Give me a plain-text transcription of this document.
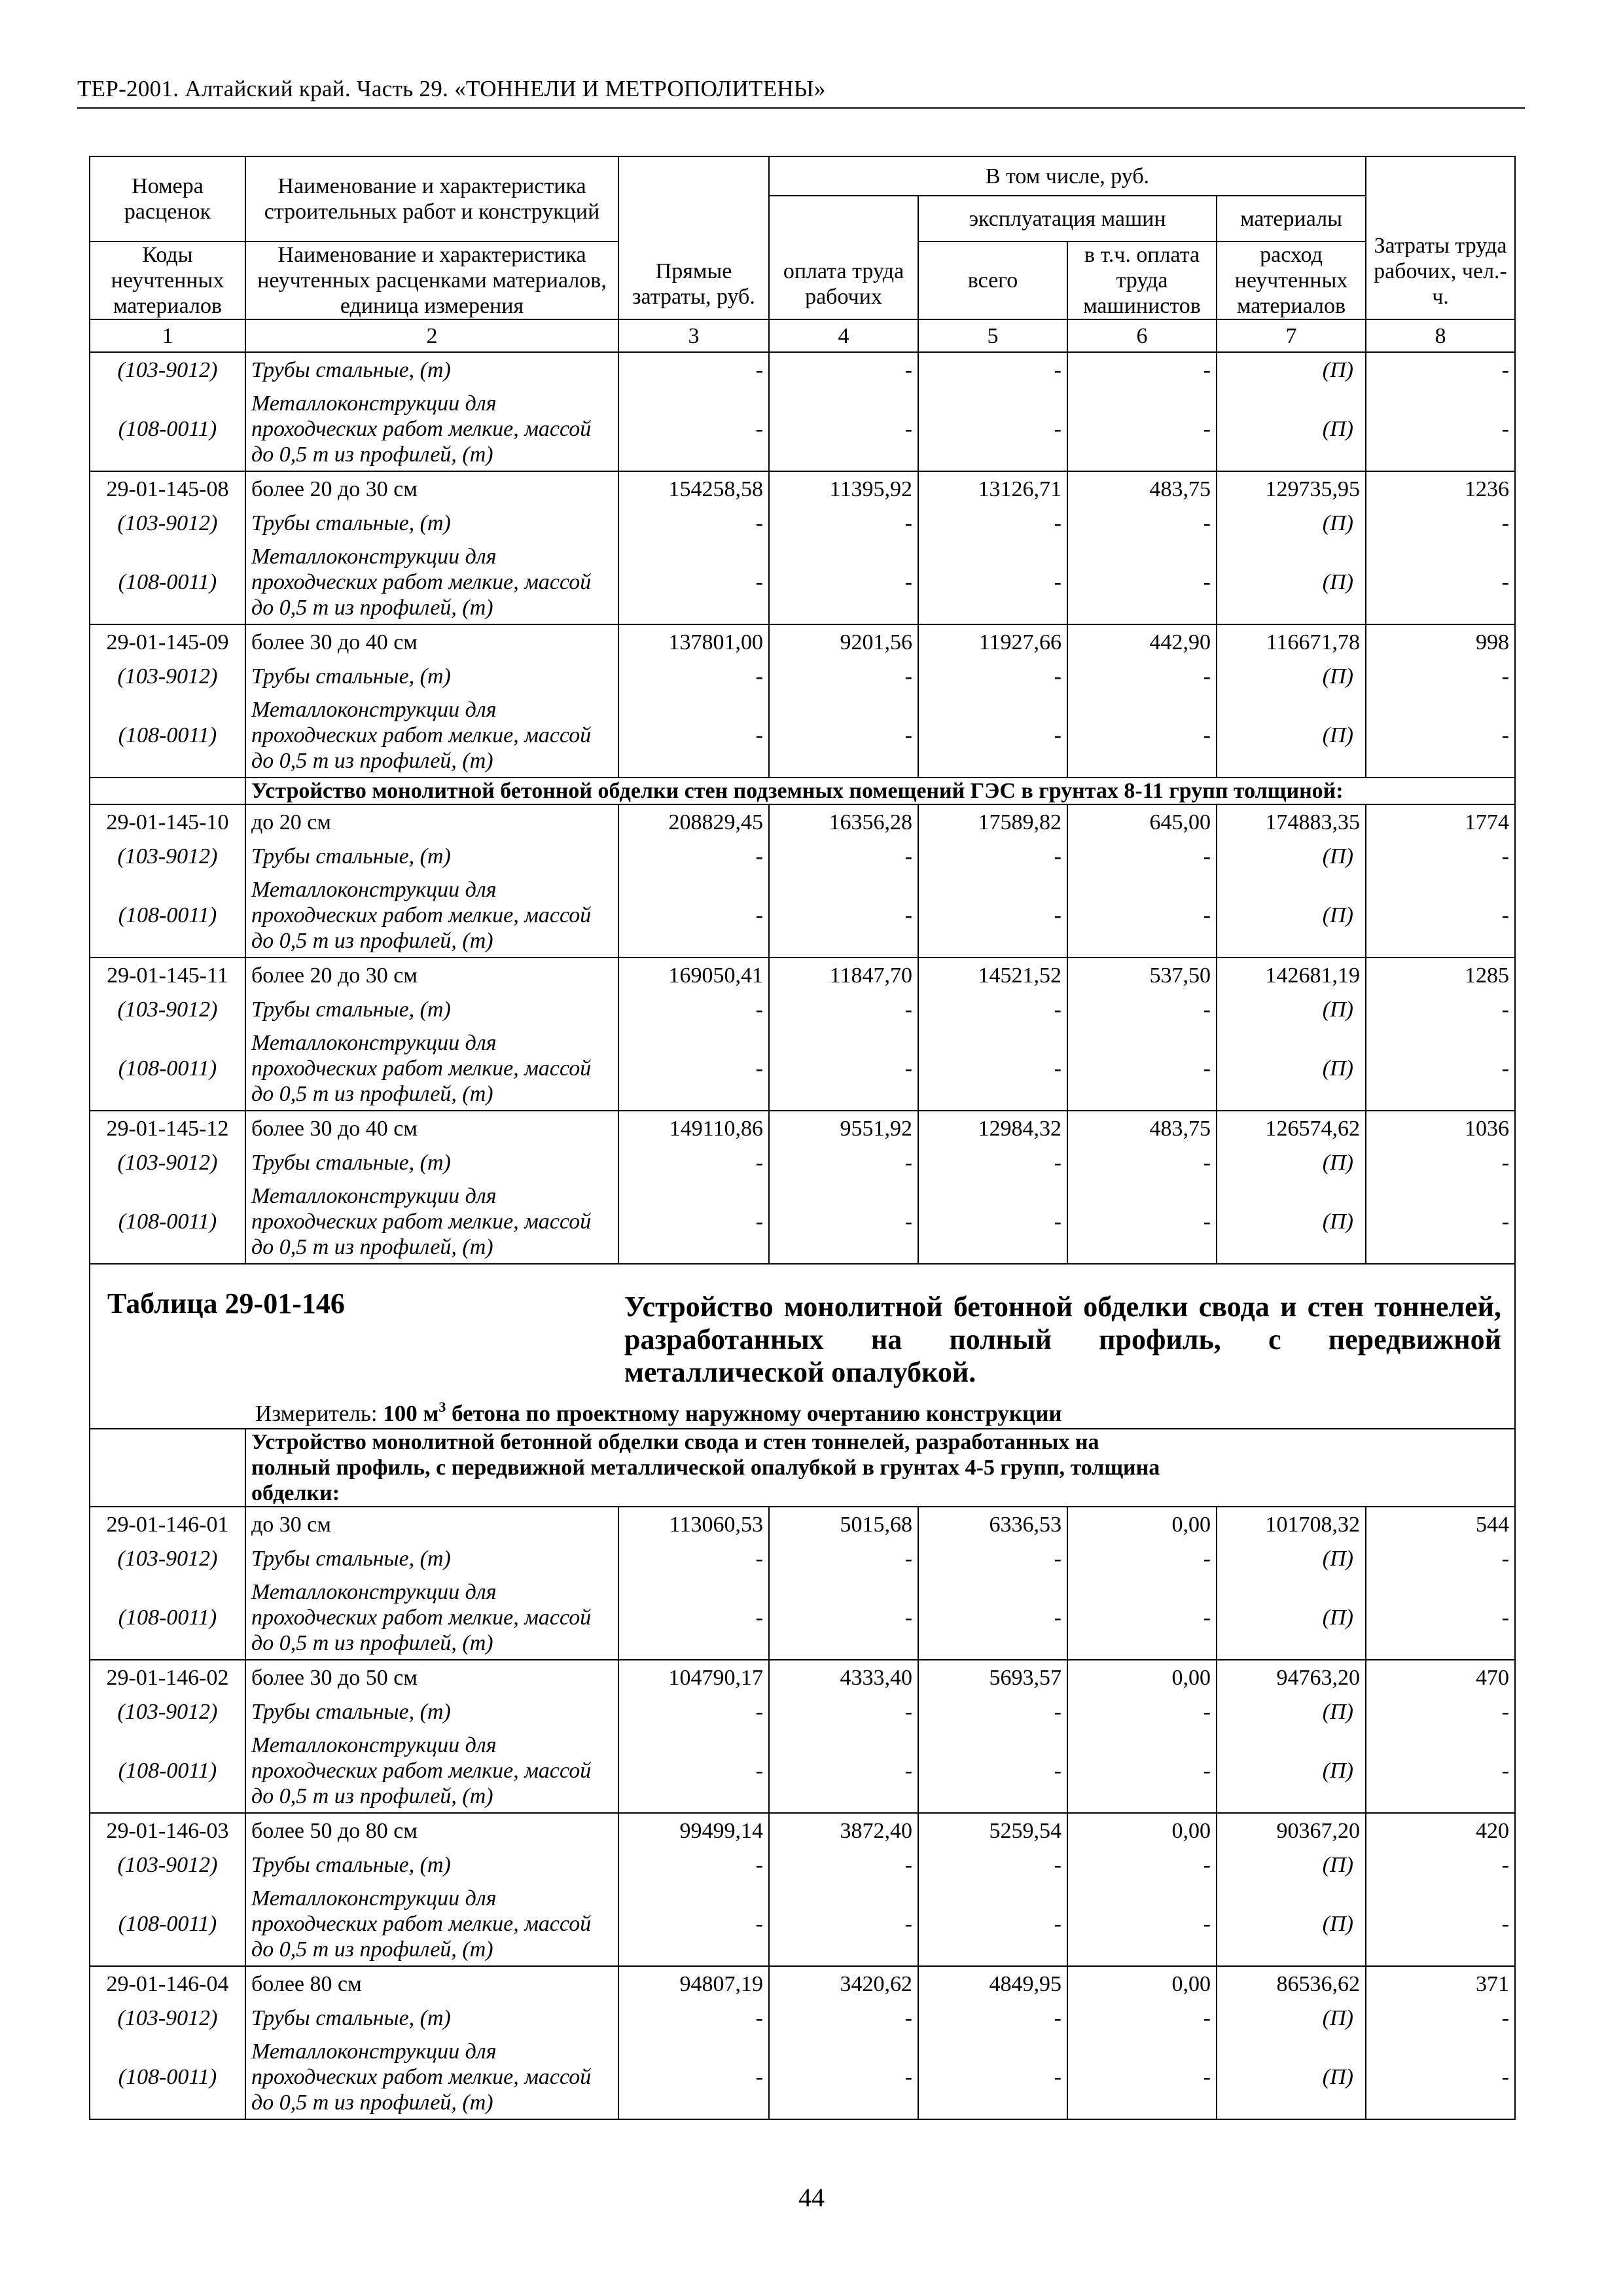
ТЕР-2001. Алтайский край. Часть 29. «ТОННЕЛИ И МЕТРОПОЛИТЕНЫ»
Номера расценок	Наименование и характеристика строительных работ и конструкций	Прямые затраты, руб.	В том числе, руб.				Затраты труда рабочих, чел.-ч.
			оплата труда рабочих	эксплуатация машин		материалы	
Коды неучтенных материалов	Наименование и характеристика неучтенных расценками материалов, единица измерения			всего	в т.ч. оплата труда машинистов	расход неучтенных материалов	
1	2	3	4	5	6	7	8
(103-9012)	Трубы стальные, (т)	-	-	-	-	(П)	-
(108-0011)	Металлоконструкции для проходческих работ мелкие, массой до 0,5 т из профилей, (т)	-	-	-	-	(П)	-
29-01-145-08	более 20 до 30 см	154258,58	11395,92	13126,71	483,75	129735,95	1236
(103-9012)	Трубы стальные, (т)	-	-	-	-	(П)	-
(108-0011)	Металлоконструкции для проходческих работ мелкие, массой до 0,5 т из профилей, (т)	-	-	-	-	(П)	-
29-01-145-09	более 30 до 40 см	137801,00	9201,56	11927,66	442,90	116671,78	998
(103-9012)	Трубы стальные, (т)	-	-	-	-	(П)	-
(108-0011)	Металлоконструкции для проходческих работ мелкие, массой до 0,5 т из профилей, (т)	-	-	-	-	(П)	-
	Устройство монолитной бетонной обделки стен подземных помещений ГЭС в грунтах 8-11 групп толщиной:						
29-01-145-10	до 20 см	208829,45	16356,28	17589,82	645,00	174883,35	1774
(103-9012)	Трубы стальные, (т)	-	-	-	-	(П)	-
(108-0011)	Металлоконструкции для проходческих работ мелкие, массой до 0,5 т из профилей, (т)	-	-	-	-	(П)	-
29-01-145-11	более 20 до 30 см	169050,41	11847,70	14521,52	537,50	142681,19	1285
(103-9012)	Трубы стальные, (т)	-	-	-	-	(П)	-
(108-0011)	Металлоконструкции для проходческих работ мелкие, массой до 0,5 т из профилей, (т)	-	-	-	-	(П)	-
29-01-145-12	более 30 до 40 см	149110,86	9551,92	12984,32	483,75	126574,62	1036
(103-9012)	Трубы стальные, (т)	-	-	-	-	(П)	-
(108-0011)	Металлоконструкции для проходческих работ мелкие, массой до 0,5 т из профилей, (т)	-	-	-	-	(П)	-

Таблица 29-01-146 Устройство монолитной бетонной обделки свода и стен тоннелей, разработанных на полный профиль, с передвижной металлической опалубкой.
Измеритель: 100 $м^3$ бетона по проектному наружному очертанию конструкции							

	Устройство монолитной бетонной обделки свода и стен тоннелей, разработанных на полный профиль, с передвижной металлической опалубкой в грунтах 4-5 групп, толщина обделки:						
29-01-146-01	до 30 см	113060,53	5015,68	6336,53	0,00	101708,32	544
(103-9012)	Трубы стальные, (т)	-	-	-	-	(П)	-
(108-0011)	Металлоконструкции для проходческих работ мелкие, массой до 0,5 т из профилей, (т)	-	-	-	-	(П)	-
29-01-146-02	более 30 до 50 см	104790,17	4333,40	5693,57	0,00	94763,20	470
(103-9012)	Трубы стальные, (т)	-	-	-	-	(П)	-
(108-0011)	Металлоконструкции для проходческих работ мелкие, массой до 0,5 т из профилей, (т)	-	-	-	-	(П)	-
29-01-146-03	более 50 до 80 см	99499,14	3872,40	5259,54	0,00	90367,20	420
(103-9012)	Трубы стальные, (т)	-	-	-	-	(П)	-
(108-0011)	Металлоконструкции для проходческих работ мелкие, массой до 0,5 т из профилей, (т)	-	-	-	-	(П)	-
29-01-146-04	более 80 см	94807,19	3420,62	4849,95	0,00	86536,62	371
(103-9012)	Трубы стальные, (т)	-	-	-	-	(П)	-
(108-0011)	Металлоконструкции для проходческих работ мелкие, массой до 0,5 т из профилей, (т)	-	-	-	-	(П)	-
44
